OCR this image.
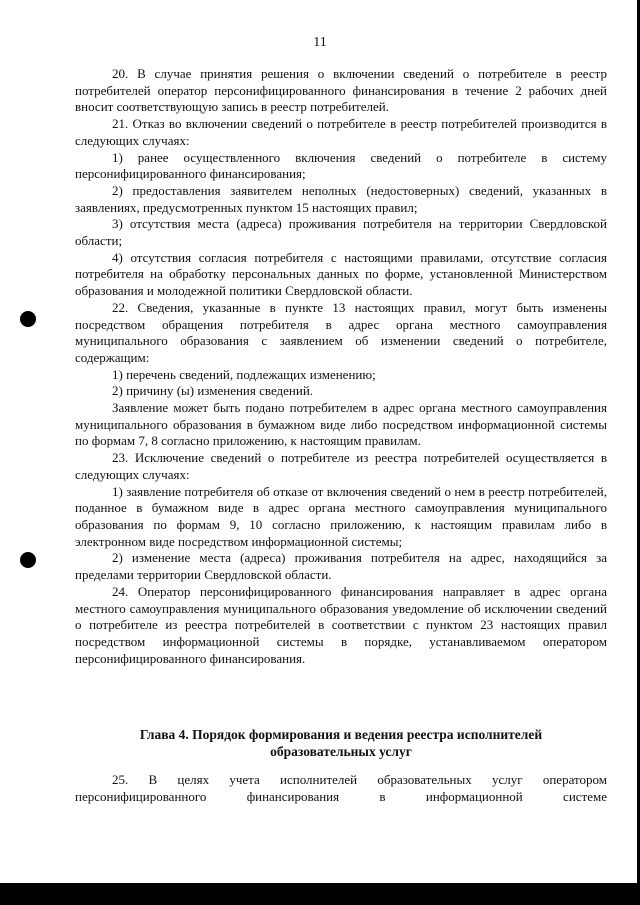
11

20. В случае принятия решения о включении сведений о потребителе в реестр потребителей оператор персонифицированного финансирования в течение 2 рабочих дней вносит соответствующую запись в реестр потребителей.

21. Отказ во включении сведений о потребителе в реестр потребителей производится в следующих случаях:

1) ранее осуществленного включения сведений о потребителе в систему персонифицированного финансирования;

2) предоставления заявителем неполных (недостоверных) сведений, указанных в заявлениях, предусмотренных пунктом 15 настоящих правил;

3) отсутствия места (адреса) проживания потребителя на территории Свердловской области;

4) отсутствия согласия потребителя с настоящими правилами, отсутствие согласия потребителя на обработку персональных данных по форме, установленной Министерством образования и молодежной политики Свердловской области.

22. Сведения, указанные в пункте 13 настоящих правил, могут быть изменены посредством обращения потребителя в адрес органа местного самоуправления муниципального образования с заявлением об изменении сведений о потребителе, содержащим:

1) перечень сведений, подлежащих изменению;

2) причину (ы) изменения сведений.

Заявление может быть подано потребителем в адрес органа местного самоуправления муниципального образования в бумажном виде либо посредством информационной системы по формам 7, 8 согласно приложению, к настоящим правилам.

23. Исключение сведений о потребителе из реестра потребителей осуществляется в следующих случаях:

1) заявление потребителя об отказе от включения сведений о нем в реестр потребителей, поданное в бумажном виде в адрес органа местного самоуправления муниципального образования по формам 9, 10 согласно приложению, к настоящим правилам либо в электронном виде посредством информационной системы;

2) изменение места (адреса) проживания потребителя на адрес, находящийся за пределами территории Свердловской области.

24. Оператор персонифицированного финансирования направляет в адрес органа местного самоуправления муниципального образования уведомление об исключении сведений о потребителе из реестра потребителей в соответствии с пунктом 23 настоящих правил посредством информационной системы в порядке, устанавливаемом оператором персонифицированного финансирования.

Глава 4. Порядок формирования и ведения реестра исполнителей
образовательных услуг

25. В целях учета исполнителей образовательных услуг оператором

персонифицированного финансирования в информационной системе
